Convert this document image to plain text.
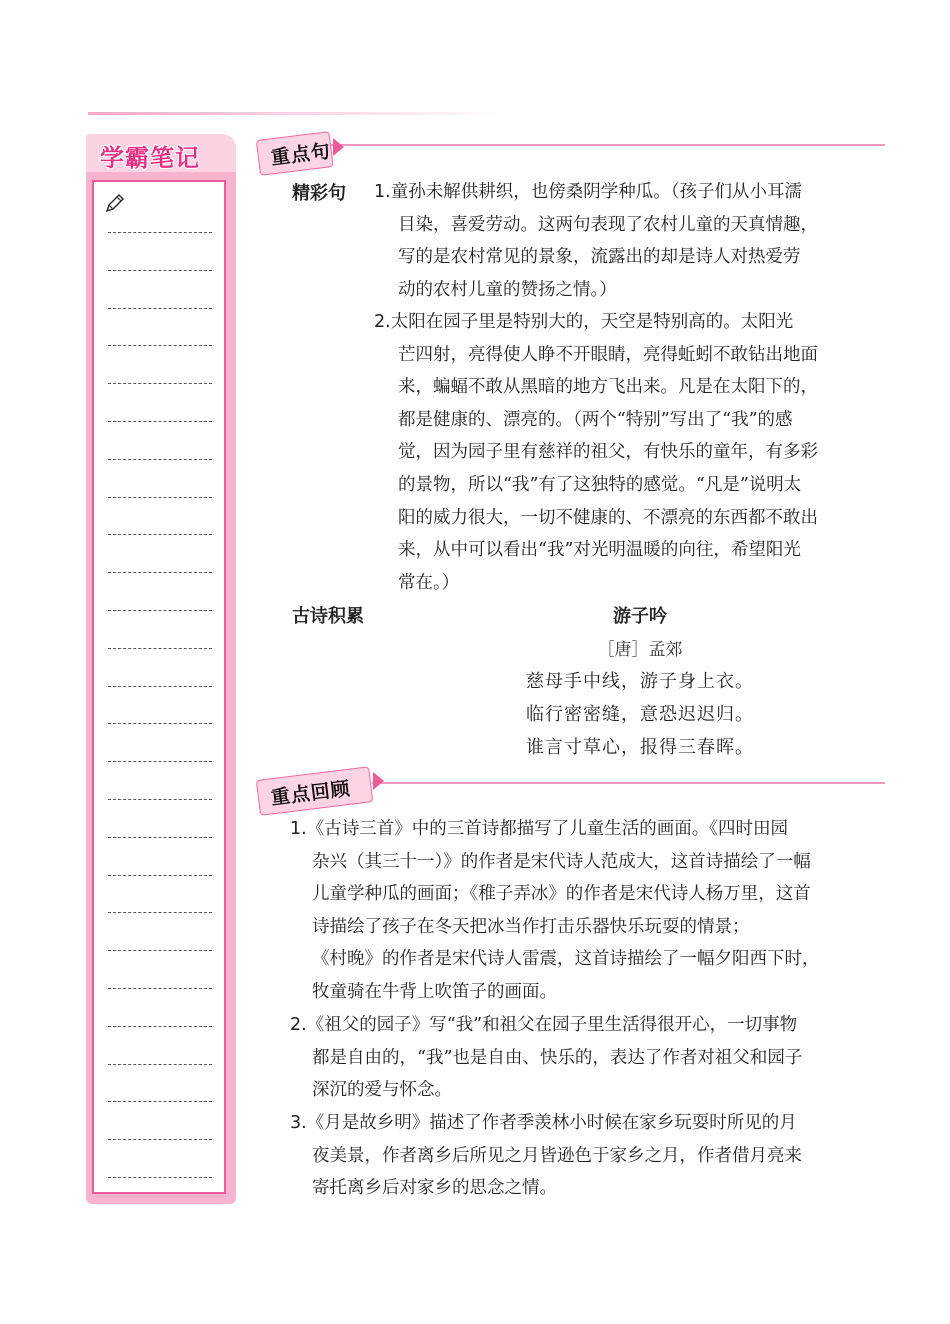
学霸笔记	重点句
精彩句 1.童孙未解供耕织，也傍桑阴学种瓜。（孩子们从小耳濡
目染，喜爱劳动。这两句表现了农村儿童的天真情趣，
写的是农村常见的景象，流露出的却是诗人对热爱劳
动的农村儿童的赞扬之情。）
2.太阳在园子里是特别大的，天空是特别高的。太阳光
芒四射，亮得使人睁不开眼睛，亮得蚯蚓不敢钻出地面
来，蝙蝠不敢从黑暗的地方飞出来。凡是在太阳下的，
都是健康的、漂亮的。（两个“特别”写出了“我”的感
觉，因为园子里有慈祥的祖父，有快乐的童年，有多彩
的景物，所以“我”有了这独特的感觉。“凡是”说明太
阳的威力很大，一切不健康的、不漂亮的东西都不敢出
来，从中可以看出“我”对光明温暖的向往，希望阳光
常在。）
古诗积累	游子吟
［唐］孟郊
慈母手中线，游子身上衣。
临行密密缝，意恐迟迟归。
谁言寸草心，报得三春晖。
重点回顾
1.《古诗三首》中的三首诗都描写了儿童生活的画面。《四时田园
杂兴（其三十一）》的作者是宋代诗人范成大，这首诗描绘了一幅
儿童学种瓜的画面；《稚子弄冰》的作者是宋代诗人杨万里，这首
诗描绘了孩子在冬天把冰当作打击乐器快乐玩耍的情景；
《村晚》的作者是宋代诗人雷震，这首诗描绘了一幅夕阳西下时，
牧童骑在牛背上吹笛子的画面。
2.《祖父的园子》写“我”和祖父在园子里生活得很开心，一切事物
都是自由的，“我”也是自由、快乐的，表达了作者对祖父和园子
深沉的爱与怀念。
3.《月是故乡明》描述了作者季羡林小时候在家乡玩耍时所见的月
夜美景，作者离乡后所见之月皆逊色于家乡之月，作者借月亮来
寄托离乡后对家乡的思念之情。
